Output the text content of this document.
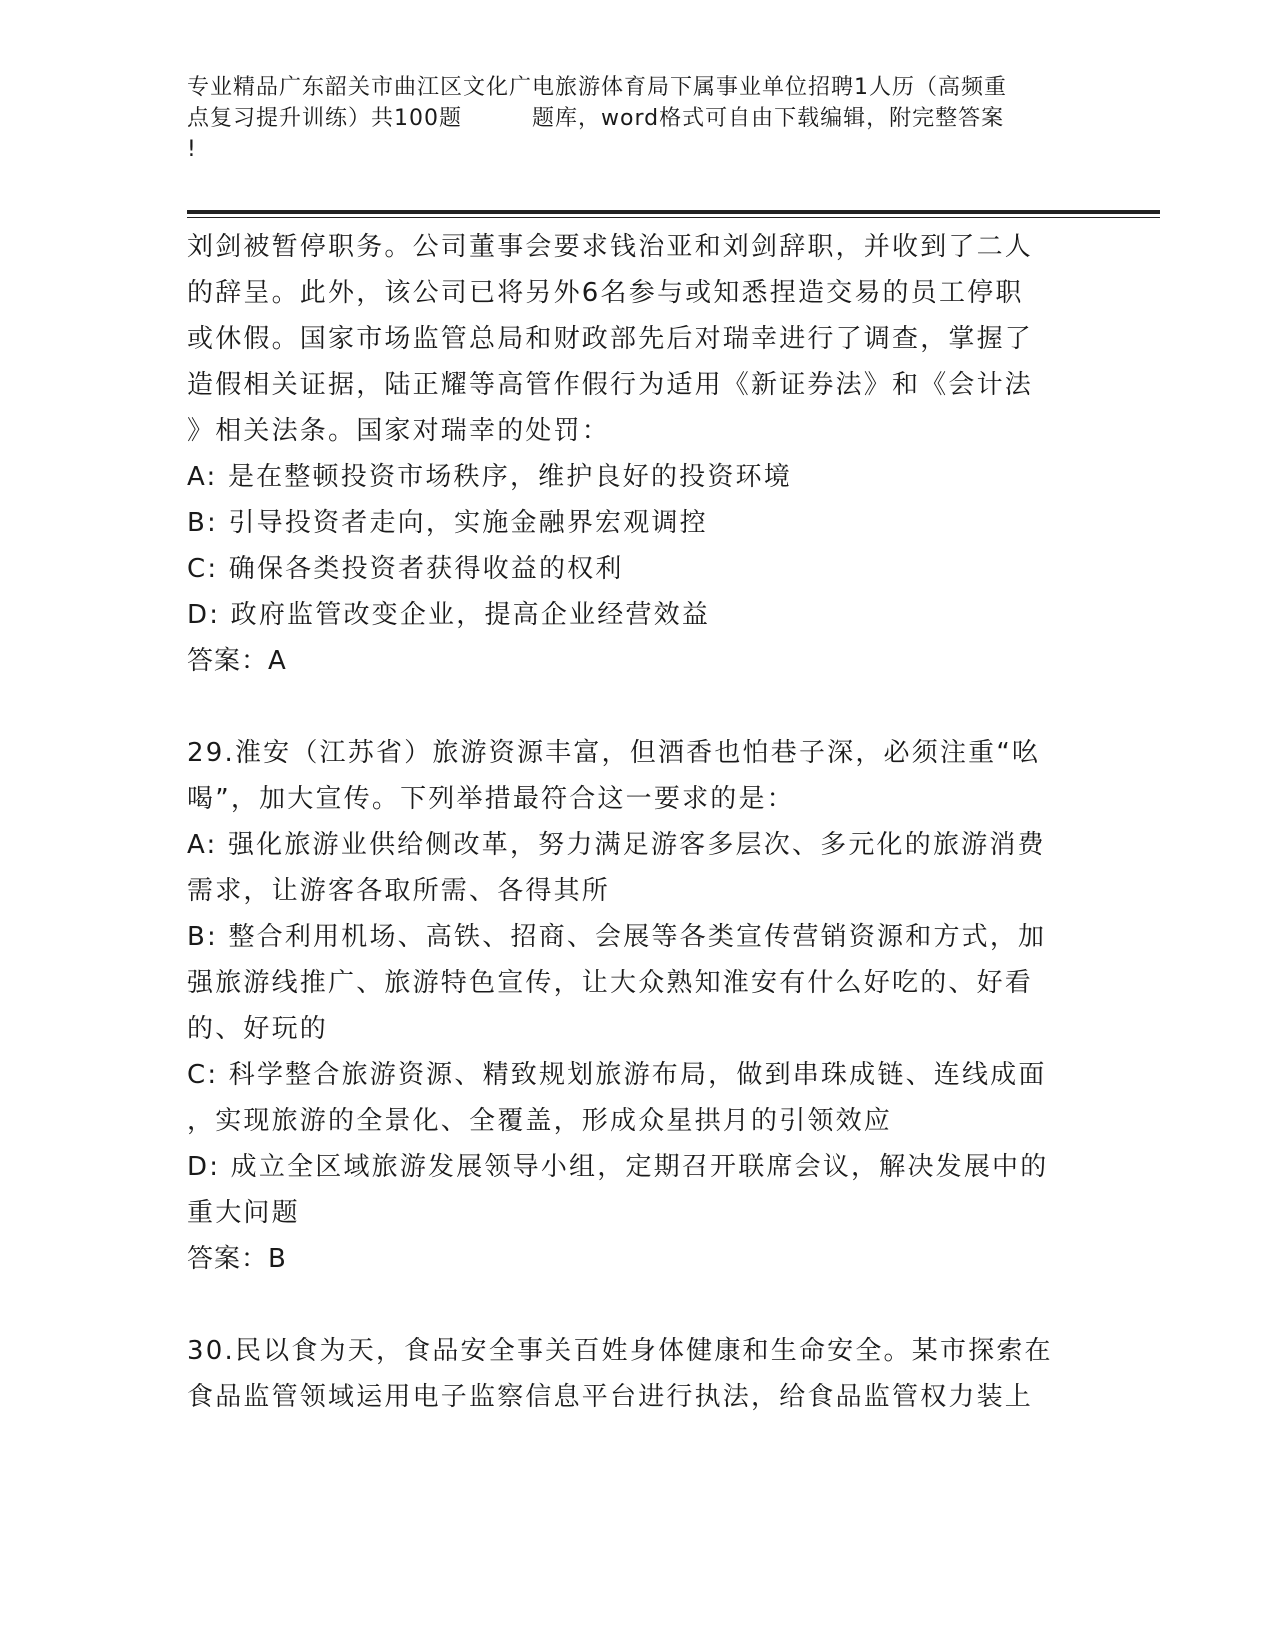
专业精品广东韶关市曲江区文化广电旅游体育局下属事业单位招聘1人历（高频重
点复习提升训练）共100题	题库，word格式可自由下载编辑，附完整答案
!

刘剑被暂停职务。公司董事会要求钱治亚和刘剑辞职，并收到了二人

的辞呈。此外，该公司已将另外6名参与或知悉捏造交易的员工停职

或休假。国家市场监管总局和财政部先后对瑞幸进行了调查，掌握了

造假相关证据，陆正耀等高管作假行为适用《新证券法》和《会计法

》相关法条。国家对瑞幸的处罚：

A: 是在整顿投资市场秩序，维护良好的投资环境

B: 引导投资者走向，实施金融界宏观调控

C: 确保各类投资者获得收益的权利

D: 政府监管改变企业，提高企业经营效益

答案：A

29.淮安（江苏省）旅游资源丰富，但酒香也怕巷子深，必须注重“吆

喝”，加大宣传。下列举措最符合这一要求的是：

A: 强化旅游业供给侧改革，努力满足游客多层次、多元化的旅游消费

需求，让游客各取所需、各得其所

B: 整合利用机场、高铁、招商、会展等各类宣传营销资源和方式，加

强旅游线推广、旅游特色宣传，让大众熟知淮安有什么好吃的、好看

的、好玩的

C: 科学整合旅游资源、精致规划旅游布局，做到串珠成链、连线成面

，实现旅游的全景化、全覆盖，形成众星拱月的引领效应

D: 成立全区域旅游发展领导小组，定期召开联席会议，解决发展中的

重大问题

答案：B

30.民以食为天，食品安全事关百姓身体健康和生命安全。某市探索在

食品监管领域运用电子监察信息平台进行执法，给食品监管权力装上
